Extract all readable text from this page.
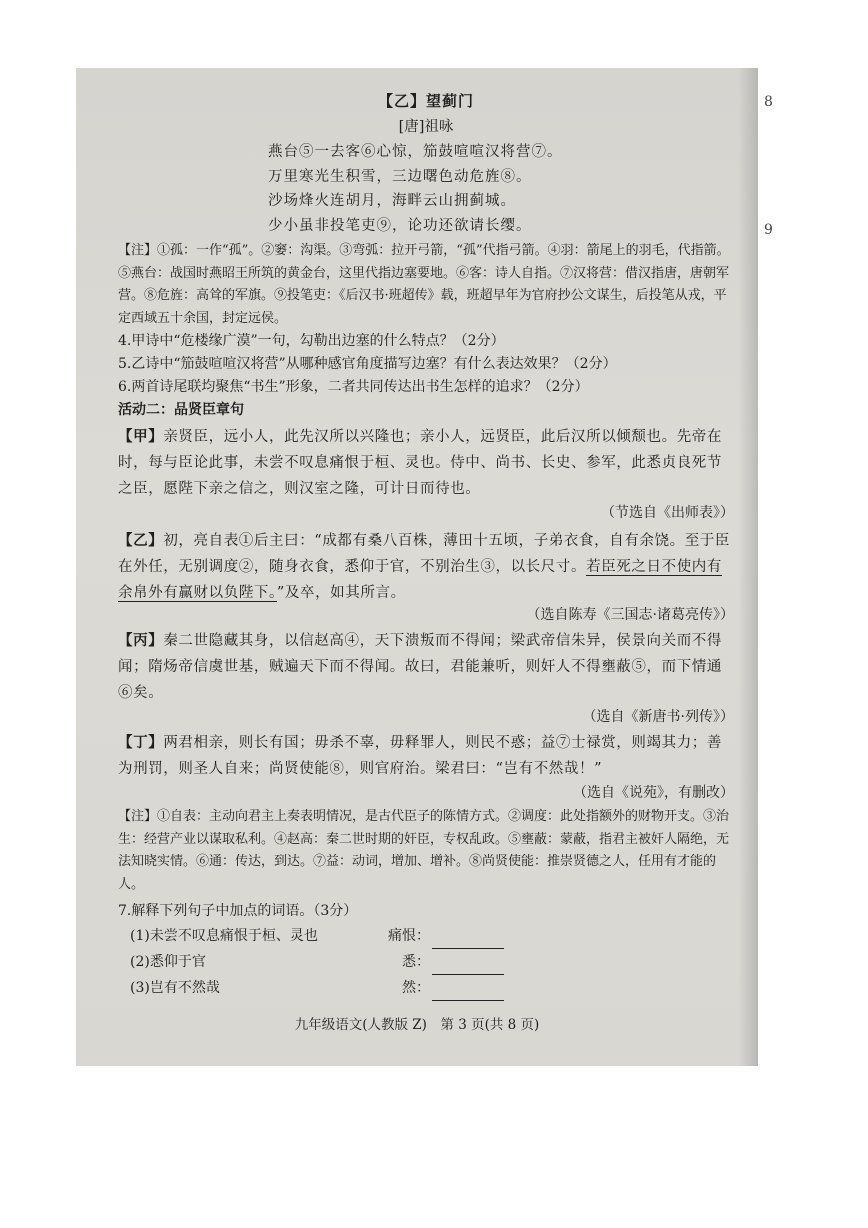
【乙】望蓟门
[唐]祖咏
燕台⑤一去客⑥心惊，笳鼓喧喧汉将营⑦。
万里寒光生积雪，三边曙色动危旌⑧。
沙场烽火连胡月，海畔云山拥蓟城。
少小虽非投笔吏⑨，论功还欲请长缨。
【注】①孤：一作“孤”。②窭：沟渠。③弯弧：拉开弓箭，“孤”代指弓箭。④羽：箭尾上的羽毛，代指箭。⑤燕台：战国时燕昭王所筑的黄金台，这里代指边塞要地。⑥客：诗人自指。⑦汉将营：借汉指唐，唐朝军营。⑧危旌：高耸的军旗。⑨投笔吏：《后汉书·班超传》载，班超早年为官府抄公文谋生，后投笔从戎，平定西域五十余国，封定远侯。
4.甲诗中“危楼缘广漠”一句，勾勒出边塞的什么特点？（2分）
5.乙诗中“笳鼓喧喧汉将营”从哪种感官角度描写边塞？有什么表达效果？（2分）
6.两首诗尾联均聚焦“书生”形象，二者共同传达出书生怎样的追求？（2分）
活动二：品贤臣章句
【甲】亲贤臣，远小人，此先汉所以兴隆也；亲小人，远贤臣，此后汉所以倾颓也。先帝在时，每与臣论此事，未尝不叹息痛恨于桓、灵也。侍中、尚书、长史、参军，此悉贞良死节之臣，愿陛下亲之信之，则汉室之隆，可计日而待也。
（节选自《出师表》）
【乙】初，亮自表①后主曰：“成都有桑八百株，薄田十五顷，子弟衣食，自有余饶。至于臣在外任，无别调度②，随身衣食，悉仰于官，不别治生③，以长尺寸。若臣死之日不使内有余帛外有赢财以负陛下。”及卒，如其所言。
（选自陈寿《三国志·诸葛亮传》）
【丙】秦二世隐藏其身，以信赵高④，天下溃叛而不得闻；梁武帝信朱异，侯景向关而不得闻；隋炀帝信虞世基，贼遍天下而不得闻。故曰，君能兼听，则奸人不得壅蔽⑤，而下情通⑥矣。
（选自《新唐书·列传》）
【丁】两君相亲，则长有国；毋杀不辜，毋释罪人，则民不惑；益⑦士禄赏，则竭其力；善为刑罚，则圣人自来；尚贤使能⑧，则官府治。梁君曰：“岂有不然哉！”
（选自《说苑》，有删改）
【注】①自表：主动向君主上奏表明情况，是古代臣子的陈情方式。②调度：此处指额外的财物开支。③治生：经营产业以谋取私利。④赵高：秦二世时期的奸臣，专权乱政。⑤壅蔽：蒙蔽，指君主被奸人隔绝，无法知晓实情。⑥通：传达，到达。⑦益：动词，增加、增补。⑧尚贤使能：推崇贤德之人，任用有才能的人。
7.解释下列句子中加点的词语。（3分）
(1)未尝不叹息痛恨于桓、灵也	痛恨：
(2)悉仰于官	悉：
(3)岂有不然哉	然：
九年级语文(人教版 Z)　第 3 页(共 8 页)
8
9
